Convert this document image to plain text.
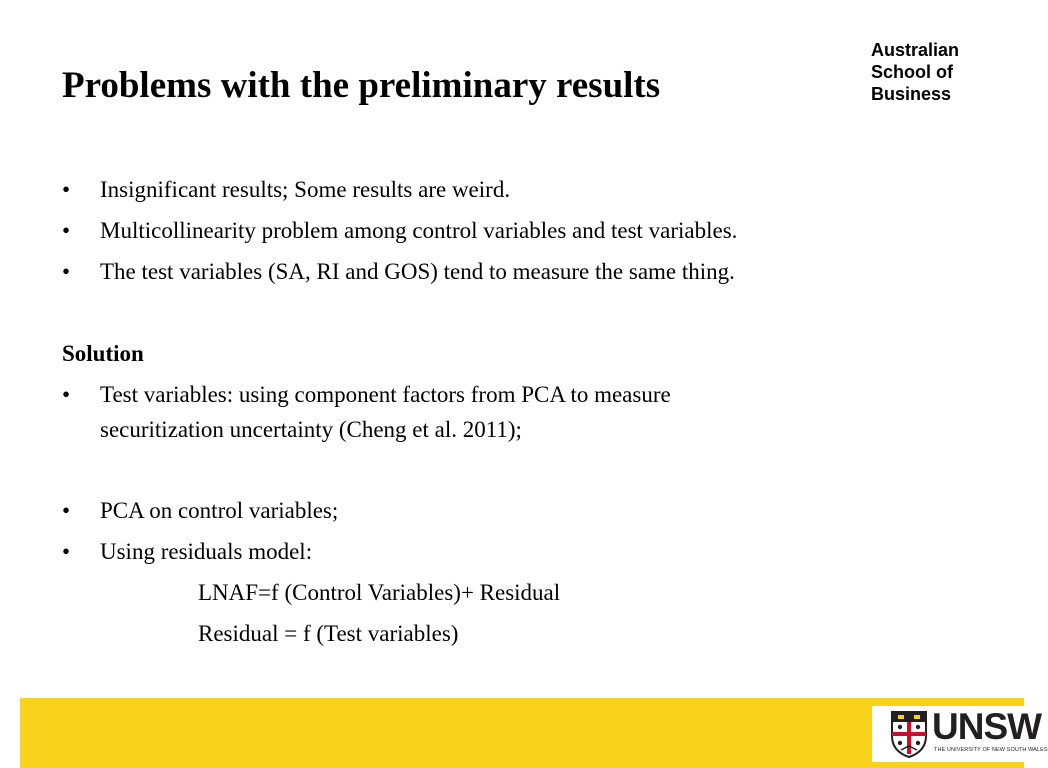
Problems with the preliminary results
Australian
School of
Business
• Insignificant results; Some results are weird.
• Multicollinearity problem among control variables and test variables.
• The test variables (SA, RI and GOS) tend to measure the same thing.
Solution
• Test variables: using component factors from PCA to measure
securitization uncertainty (Cheng et al. 2011);
• PCA on control variables;
• Using residuals model:
LNAF=f (Control Variables)+ Residual
Residual = f (Test variables)
UNSW
THE UNIVERSITY OF NEW SOUTH WALES
